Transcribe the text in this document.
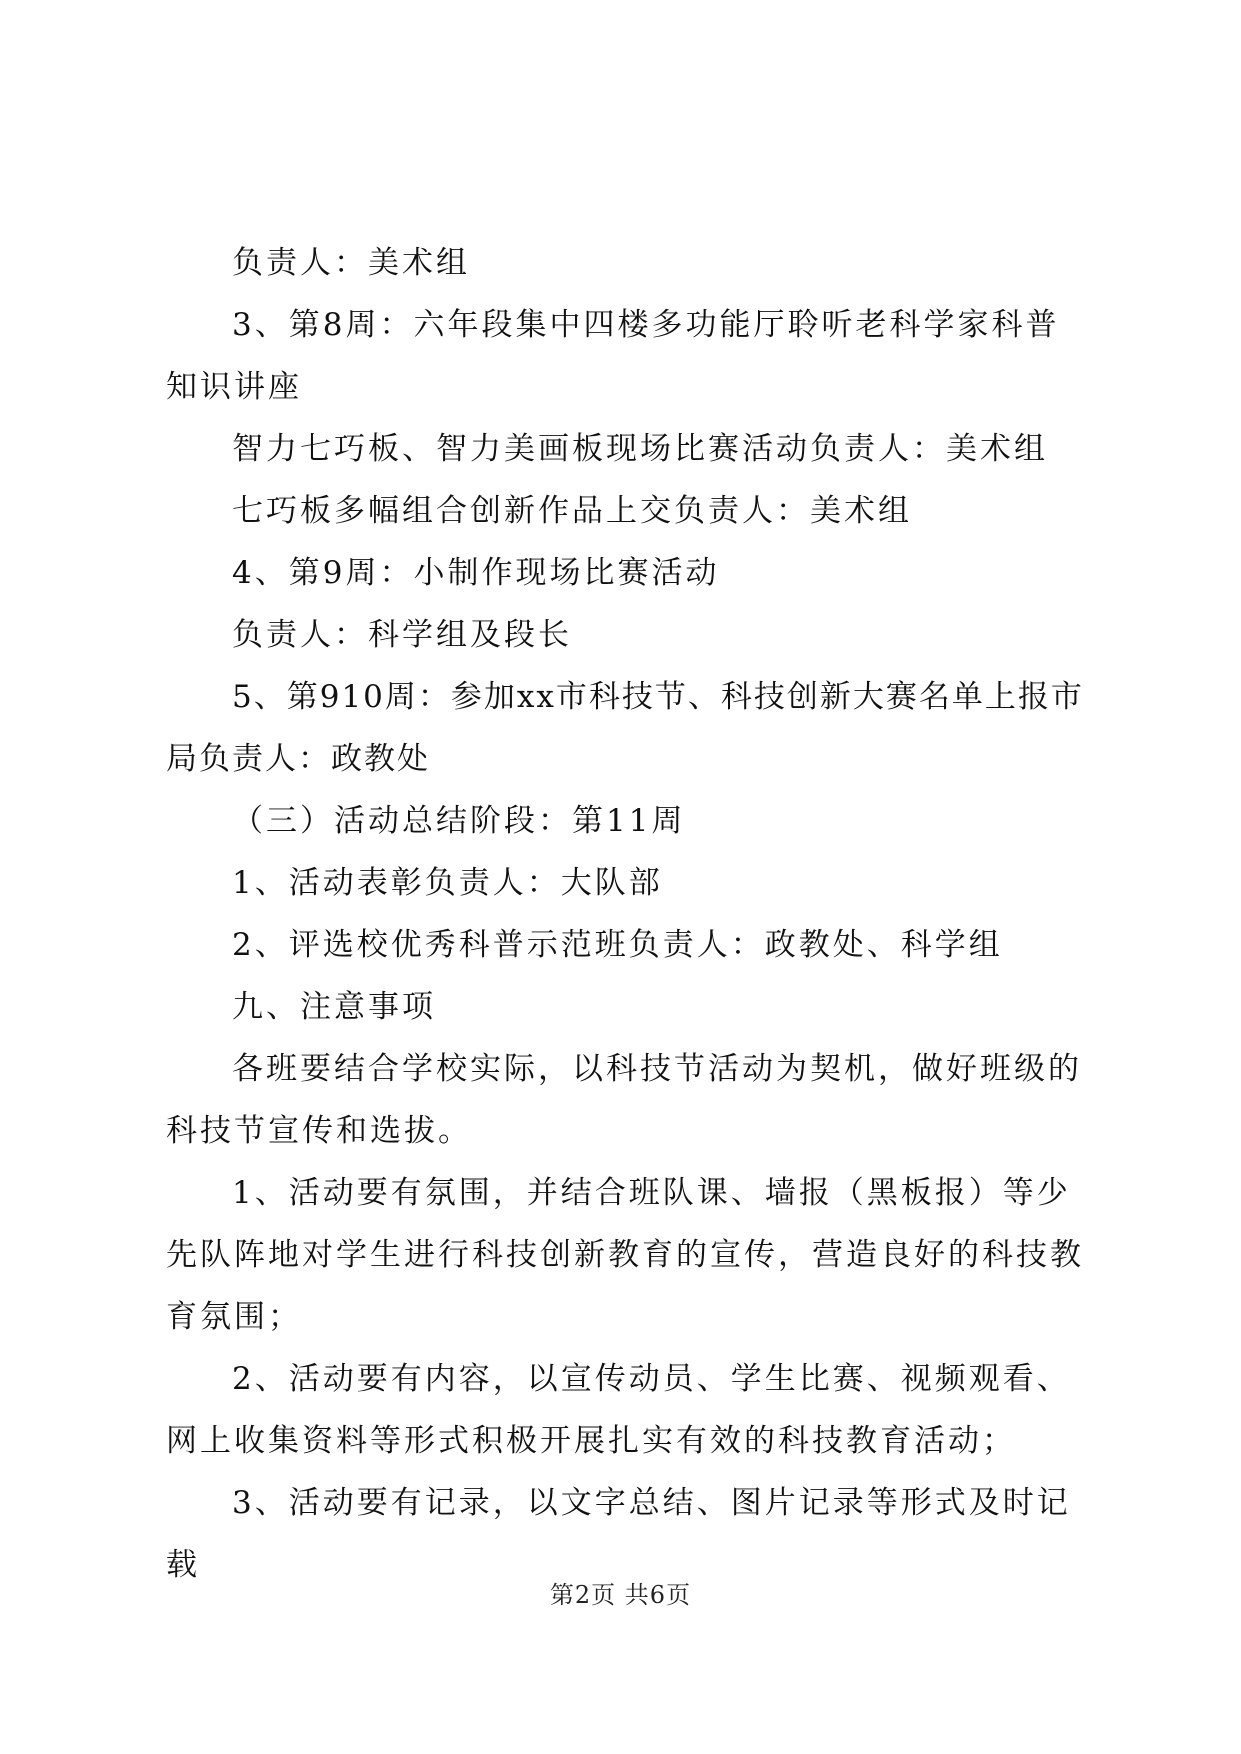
负责人：美术组

3、第8周：六年段集中四楼多功能厅聆听老科学家科普知识讲座

智力七巧板、智力美画板现场比赛活动负责人：美术组

七巧板多幅组合创新作品上交负责人：美术组

4、第9周：小制作现场比赛活动

负责人：科学组及段长

5、第910周：参加xx市科技节、科技创新大赛名单上报市局负责人：政教处

（三）活动总结阶段：第11周

1、活动表彰负责人：大队部

2、评选校优秀科普示范班负责人：政教处、科学组

九、注意事项

各班要结合学校实际，以科技节活动为契机，做好班级的科技节宣传和选拔。

1、活动要有氛围，并结合班队课、墙报（黑板报）等少先队阵地对学生进行科技创新教育的宣传，营造良好的科技教育氛围；

2、活动要有内容，以宣传动员、学生比赛、视频观看、网上收集资料等形式积极开展扎实有效的科技教育活动；

3、活动要有记录，以文字总结、图片记录等形式及时记载

第2页 共6页
